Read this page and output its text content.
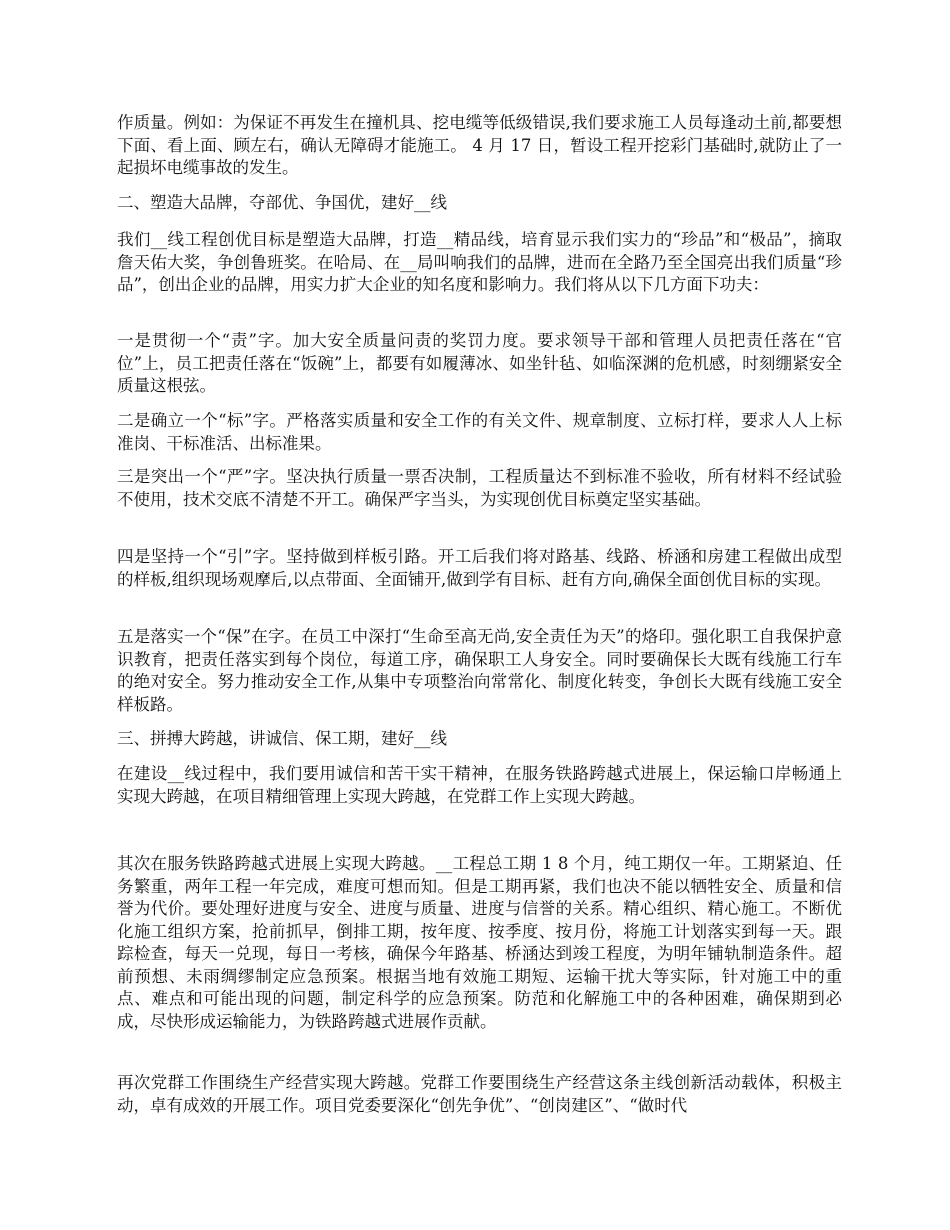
作质量。例如：为保证不再发生在撞机具、挖电缆等低级错误,我们要求施工人员每逢动土前,都要想下面、看上面、顾左右，确认无障碍才能施工。 4 月 17 日，暂设工程开挖彩门基础时,就防止了一起损坏电缆事故的发生。

二、塑造大品牌，夺部优、争国优，建好__线

我们__线工程创优目标是塑造大品牌，打造__精品线，培育显示我们实力的“珍品”和“极品”，摘取詹天佑大奖，争创鲁班奖。在哈局、在__局叫响我们的品牌，进而在全路乃至全国亮出我们质量“珍品”，创出企业的品牌，用实力扩大企业的知名度和影响力。我们将从以下几方面下功夫：

一是贯彻一个“责”字。加大安全质量问责的奖罚力度。要求领导干部和管理人员把责任落在“官位”上，员工把责任落在“饭碗”上，都要有如履薄冰、如坐针毡、如临深渊的危机感，时刻绷紧安全质量这根弦。

二是确立一个“标”字。严格落实质量和安全工作的有关文件、规章制度、立标打样，要求人人上标准岗、干标准活、出标准果。

三是突出一个“严”字。坚决执行质量一票否决制，工程质量达不到标准不验收，所有材料不经试验不使用，技术交底不清楚不开工。确保严字当头，为实现创优目标奠定坚实基础。

四是坚持一个“引”字。坚持做到样板引路。开工后我们将对路基、线路、桥涵和房建工程做出成型的样板,组织现场观摩后,以点带面、全面铺开,做到学有目标、赶有方向,确保全面创优目标的实现。

五是落实一个“保”在字。在员工中深打“生命至高无尚,安全责任为天”的烙印。强化职工自我保护意识教育，把责任落实到每个岗位，每道工序，确保职工人身安全。同时要确保长大既有线施工行车的绝对安全。努力推动安全工作,从集中专项整治向常常化、制度化转变，争创长大既有线施工安全样板路。

三、拼搏大跨越，讲诚信、保工期，建好__线

在建设__线过程中，我们要用诚信和苦干实干精神，在服务铁路跨越式进展上，保运输口岸畅通上实现大跨越，在项目精细管理上实现大跨越，在党群工作上实现大跨越。

其次在服务铁路跨越式进展上实现大跨越。__工程总工期 1 8 个月，纯工期仅一年。工期紧迫、任务繁重，两年工程一年完成，难度可想而知。但是工期再紧，我们也决不能以牺牲安全、质量和信誉为代价。要处理好进度与安全、进度与质量、进度与信誉的关系。精心组织、精心施工。不断优化施工组织方案，抢前抓早，倒排工期，按年度、按季度、按月份，将施工计划落实到每一天。跟踪检查，每天一兑现，每日一考核，确保今年路基、桥涵达到竣工程度，为明年铺轨制造条件。超前预想、未雨绸缪制定应急预案。根据当地有效施工期短、运输干扰大等实际，针对施工中的重点、难点和可能出现的问题，制定科学的应急预案。防范和化解施工中的各种困难，确保期到必成，尽快形成运输能力，为铁路跨越式进展作贡献。

再次党群工作围绕生产经营实现大跨越。党群工作要围绕生产经营这条主线创新活动载体，积极主动，卓有成效的开展工作。项目党委要深化“创先争优”、“创岗建区”、“做时代
